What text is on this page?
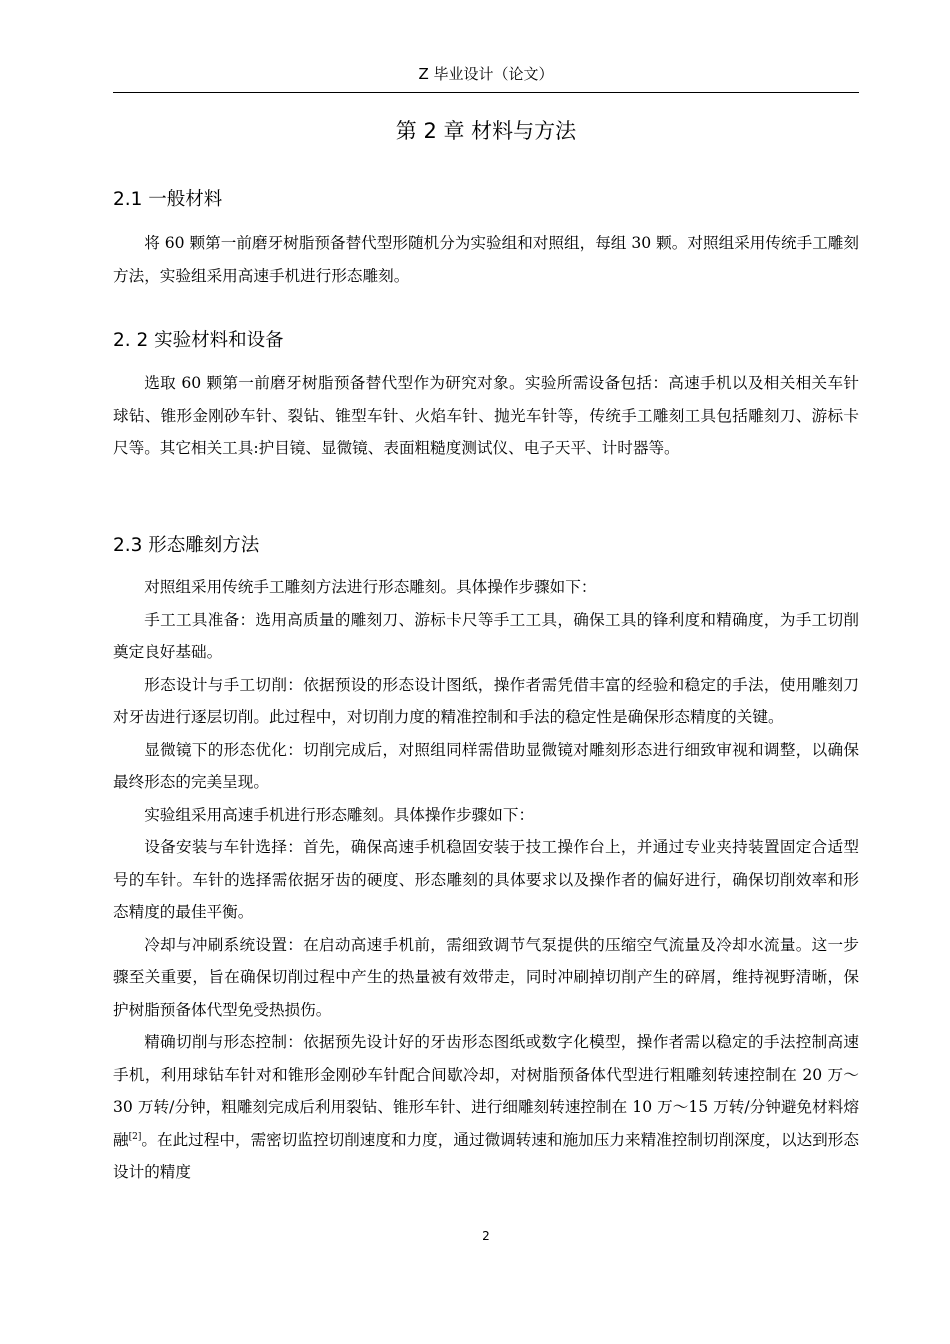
Z 毕业设计（论文）
第 2 章 材料与方法
2.1 一般材料

将 60 颗第一前磨牙树脂预备替代型形随机分为实验组和对照组，每组 30 颗。对照组采用传统手工雕刻方法，实验组采用高速手机进行形态雕刻。

2. 2 实验材料和设备

选取 60 颗第一前磨牙树脂预备替代型作为研究对象。实验所需设备包括：高速手机以及相关相关车针球钻、锥形金刚砂车针、裂钻、锥型车针、火焰车针、抛光车针等，传统手工雕刻工具包括雕刻刀、游标卡尺等。其它相关工具:护目镜、显微镜、表面粗糙度测试仪、电子天平、计时器等。

2.3 形态雕刻方法

对照组采用传统手工雕刻方法进行形态雕刻。具体操作步骤如下：

手工工具准备：选用高质量的雕刻刀、游标卡尺等手工工具，确保工具的锋利度和精确度，为手工切削奠定良好基础。

形态设计与手工切削：依据预设的形态设计图纸，操作者需凭借丰富的经验和稳定的手法，使用雕刻刀对牙齿进行逐层切削。此过程中，对切削力度的精准控制和手法的稳定性是确保形态精度的关键。

显微镜下的形态优化：切削完成后，对照组同样需借助显微镜对雕刻形态进行细致审视和调整，以确保最终形态的完美呈现。

实验组采用高速手机进行形态雕刻。具体操作步骤如下：

设备安装与车针选择：首先，确保高速手机稳固安装于技工操作台上，并通过专业夹持装置固定合适型号的车针。车针的选择需依据牙齿的硬度、形态雕刻的具体要求以及操作者的偏好进行，确保切削效率和形态精度的最佳平衡。

冷却与冲刷系统设置：在启动高速手机前，需细致调节气泵提供的压缩空气流量及冷却水流量。这一步骤至关重要，旨在确保切削过程中产生的热量被有效带走，同时冲刷掉切削产生的碎屑，维持视野清晰，保护树脂预备体代型免受热损伤。

精确切削与形态控制：依据预先设计好的牙齿形态图纸或数字化模型，操作者需以稳定的手法控制高速手机，利用球钻车针对和锥形金刚砂车针配合间歇冷却，对树脂预备体代型进行粗雕刻转速控制在 20 万～30 万转/分钟，粗雕刻完成后利用裂钻、锥形车针、进行细雕刻转速控制在 10 万～15 万转/分钟避免材料熔融[2]。在此过程中，需密切监控切削速度和力度，通过微调转速和施加压力来精准控制切削深度，以达到形态设计的精度

2
